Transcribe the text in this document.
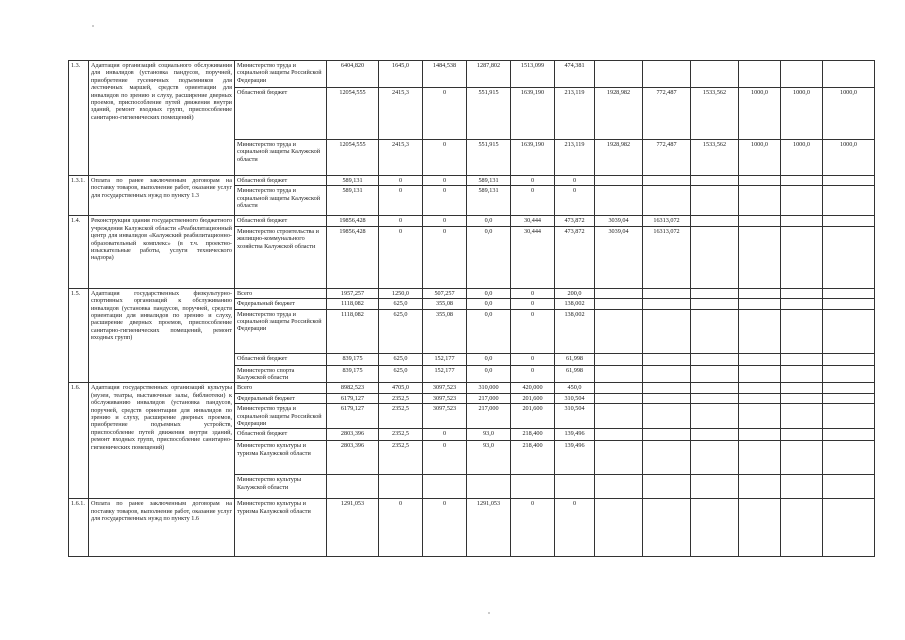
1.3.	Адаптация организаций социального обслуживания для инвалидов (установка пандусов, поручней, приобретение гусеничных подъемников для лестничных маршей, средств ориентации для инвалидов по зрению и слуху, расширение дверных проемов, приспособление путей движения внутри зданий, ремонт входных групп, приспособление санитарно-гигиенических помещений)	Министерство труда и социальной защиты Российской Федерации	6404,820	1645,0	1484,538	1287,802	1513,099	474,381						
		Областной бюджет	12054,555	2415,3	0	551,915	1639,190	213,119	1928,982	772,487	1533,562	1000,0	1000,0	1000,0
		Министерство труда и социальной защиты Калужской области	12054,555	2415,3	0	551,915	1639,190	213,119	1928,982	772,487	1533,562	1000,0	1000,0	1000,0
1.3.1.	Оплата по ранее заключенным договорам на поставку товаров, выполнение работ, оказание услуг для государственных нужд по пункту 1.3	Областной бюджет	589,131	0	0	589,131	0	0						
		Министерство труда и социальной защиты Калужской области	589,131	0	0	589,131	0	0						
1.4.	Реконструкция здания государственного бюджетного учреждения Калужской области «Реабилитационный центр для инвалидов «Калужский реабилитационно-образовательный комплекс» (в т.ч. проектно-изыскательные работы, услуги технического надзора)	Областной бюджет	19856,428	0	0	0,0	30,444	473,872	3039,04	16313,072				
		Министерство строительства и жилищно-коммунального хозяйства Калужской области	19856,428	0	0	0,0	30,444	473,872	3039,04	16313,072				
1.5.	Адаптация государственных физкультурно-спортивных организаций к обслуживанию инвалидов (установка пандусов, поручней, средств ориентации для инвалидов по зрению и слуху, расширение дверных проемов, приспособление санитарно-гигиенических помещений, ремонт входных групп)	Всего	1957,257	1250,0	507,257	0,0	0	200,0						
		Федеральный бюджет	1118,082	625,0	355,08	0,0	0	138,002						
		Министерство труда и социальной защиты Российской Федерации	1118,082	625,0	355,08	0,0	0	138,002						
		Областной бюджет	839,175	625,0	152,177	0,0	0	61,998						
		Министерство спорта Калужской области	839,175	625,0	152,177	0,0	0	61,998						
1.6.	Адаптация государственных организаций культуры (музеи, театры, выставочные залы, библиотеки) к обслуживанию инвалидов (установка пандусов, поручней, средств ориентации для инвалидов по зрению и слуху, расширение дверных проемов, приобретение подъемных устройств, приспособление путей движения внутри зданий, ремонт входных групп, приспособление санитарно-гигиенических помещений)	Всего	8982,523	4705,0	3097,523	310,000	420,000	450,0						
		Федеральный бюджет	6179,127	2352,5	3097,523	217,000	201,600	310,504						
		Министерство труда и социальной защиты Российской Федерации	6179,127	2352,5	3097,523	217,000	201,600	310,504						
		Областной бюджет	2803,396	2352,5	0	93,0	218,400	139,496						
		Министерство культуры и туризма Калужской области	2803,396	2352,5	0	93,0	218,400	139,496						
		Министерство культуры Калужской области												
1.6.1.	Оплата по ранее заключенным договорам на поставку товаров, выполнение работ, оказание услуг для государственных нужд по пункту 1.6	Министерство культуры и туризма Калужской области	1291,053	0	0	1291,053	0	0						
